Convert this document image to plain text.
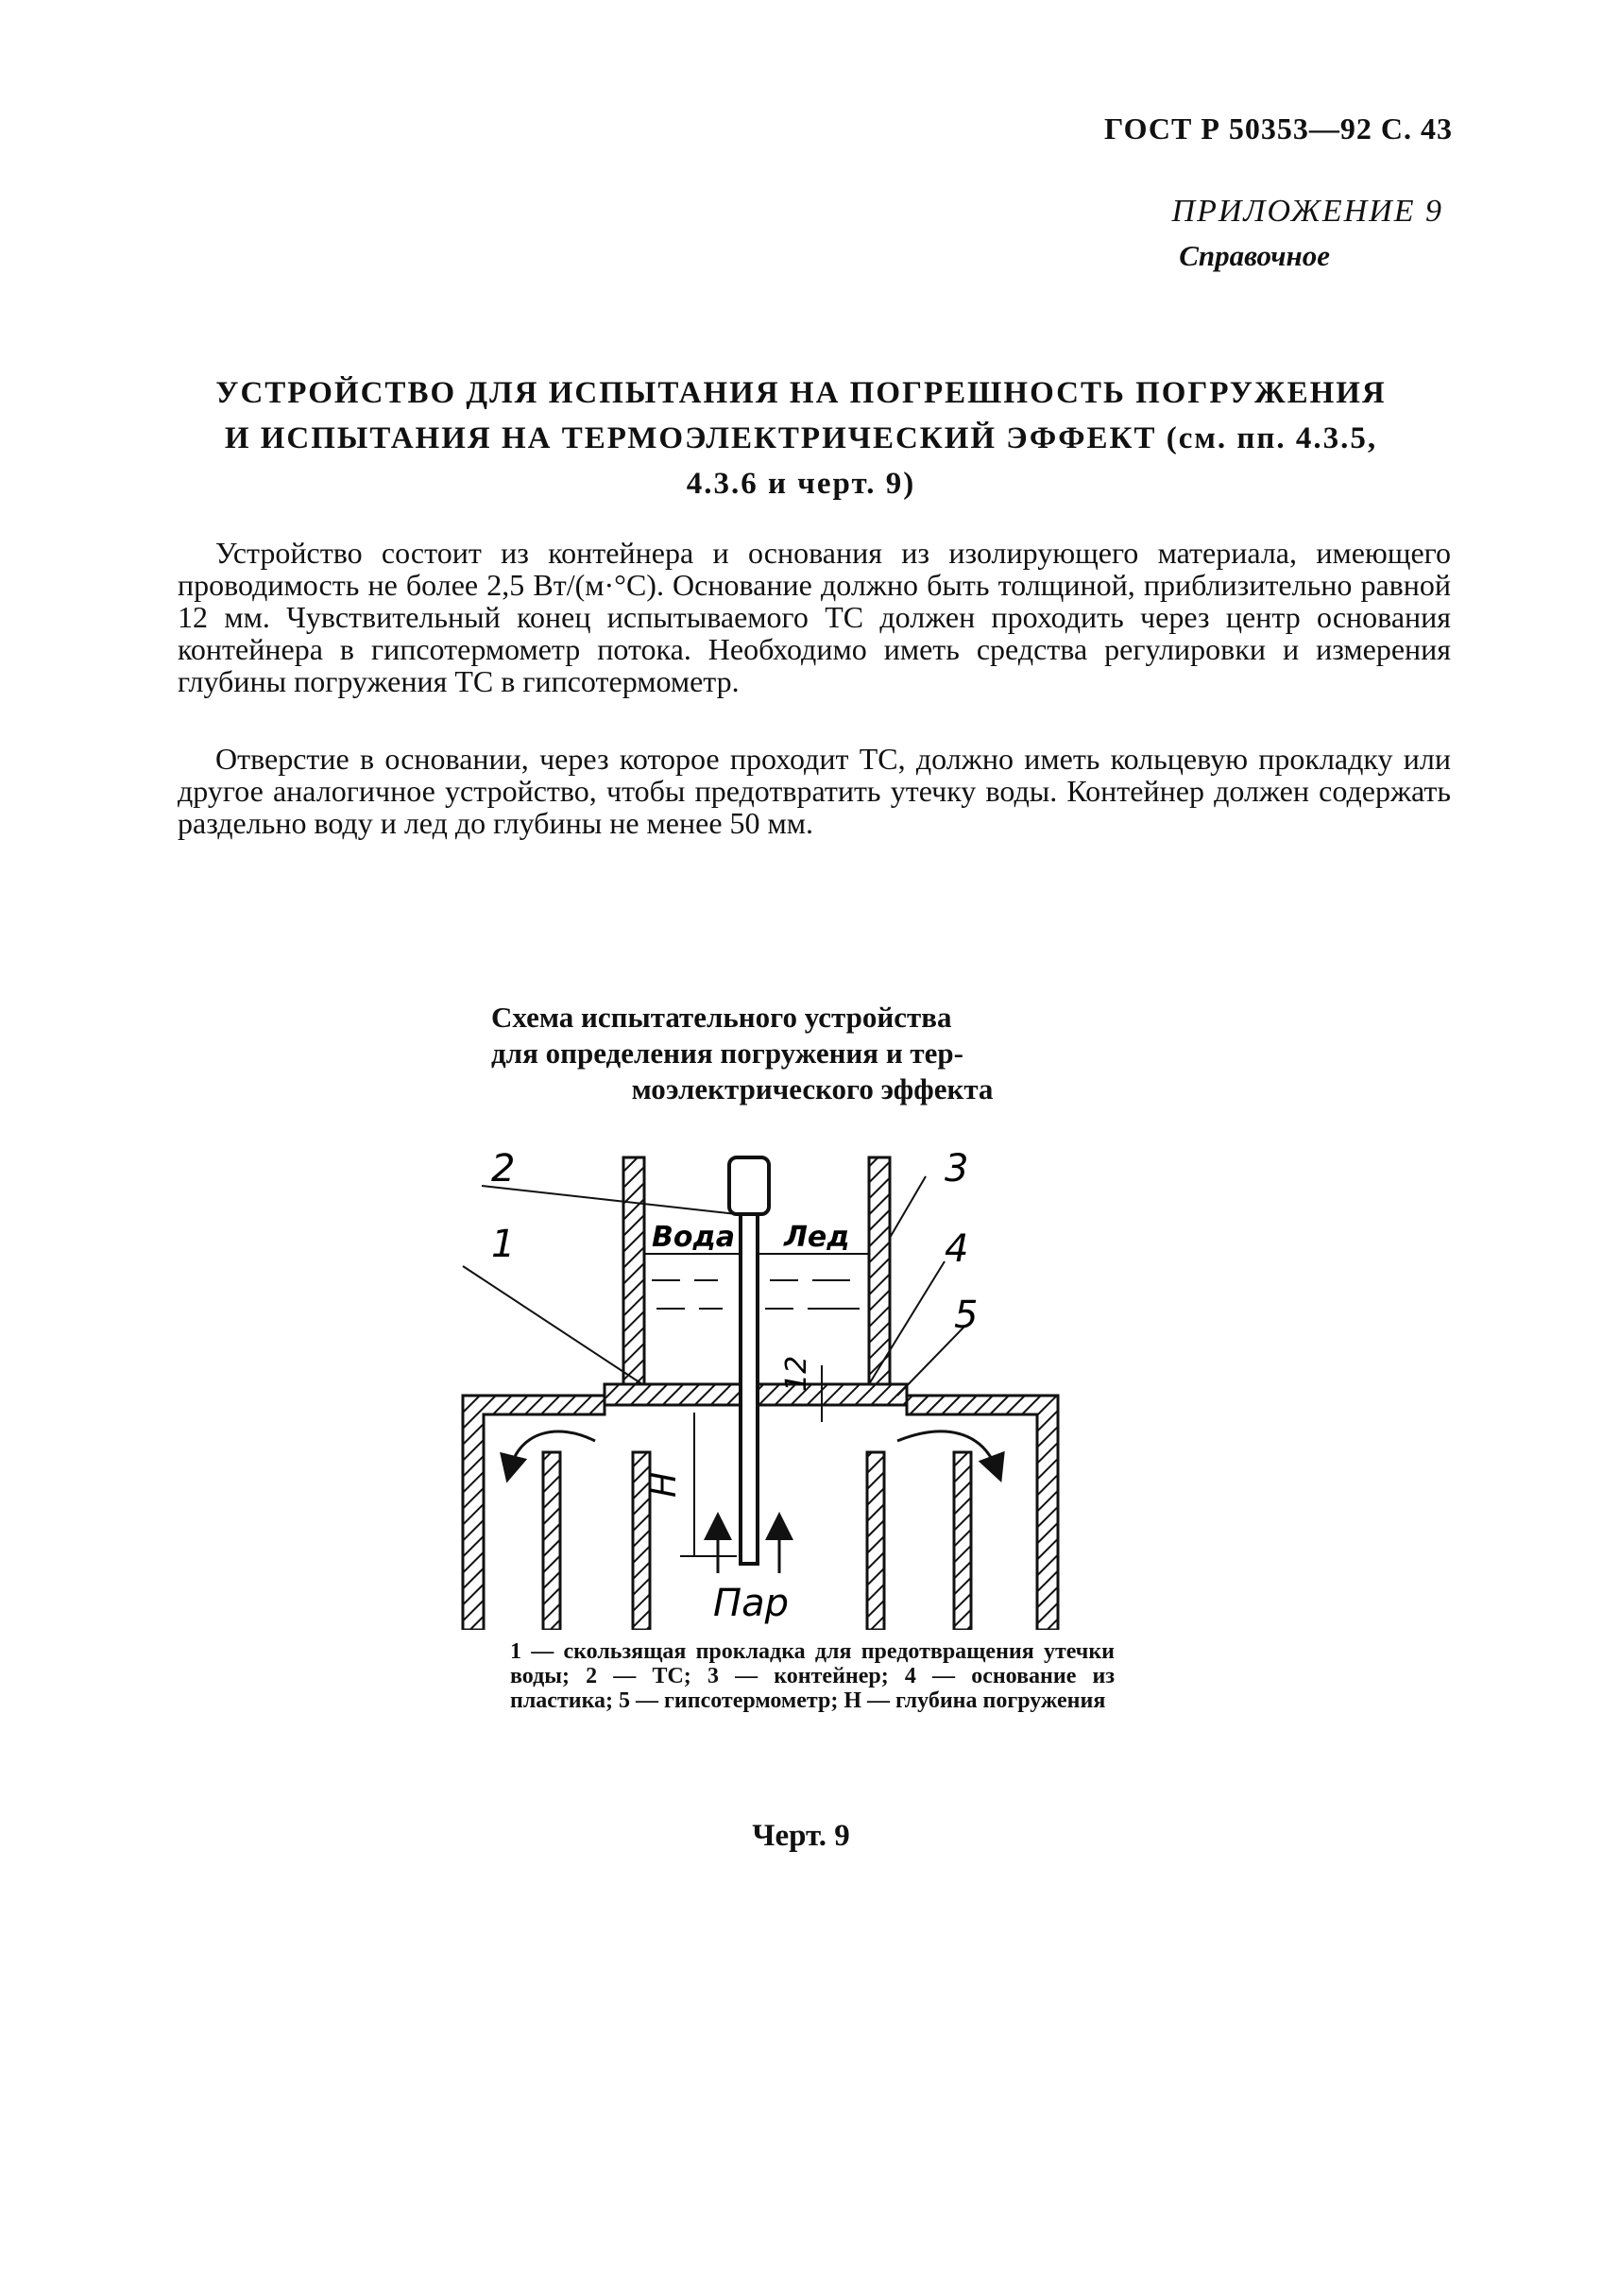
ГОСТ Р 50353—92 С. 43
ПРИЛОЖЕНИЕ 9
Справочное
УСТРОЙСТВО ДЛЯ ИСПЫТАНИЯ НА ПОГРЕШНОСТЬ ПОГРУЖЕНИЯ
И ИСПЫТАНИЯ НА ТЕРМОЭЛЕКТРИЧЕСКИЙ ЭФФЕКТ (см. пп. 4.3.5,
4.3.6 и черт. 9)

Устройство состоит из контейнера и основания из изолирующего материала, имеющего проводимость не более 2,5 Вт/(м·°С). Основание должно быть толщиной, приблизительно равной 12 мм. Чувствительный конец испытываемого ТС должен проходить через центр основания контейнера в гипсотермометр потока. Необходимо иметь средства регулировки и измерения глубины погружения ТС в гипсотермометр.

Отверстие в основании, через которое проходит ТС, должно иметь кольцевую прокладку или другое аналогичное устройство, чтобы предотвратить утечку воды. Контейнер должен содержать раздельно воду и лед до глубины не менее 50 мм.

Схема испытательного устройства
для определения погружения и тер-
моэлектрического эффекта
2
1
3
4
5
Вода Лед
Н
12
Пар
1 — скользящая прокладка для предотвращения утечки воды; 2 — ТС; 3 — контейнер; 4 — основание из пластика; 5 — гипсотермометр; Н — глубина погружения
Черт. 9
